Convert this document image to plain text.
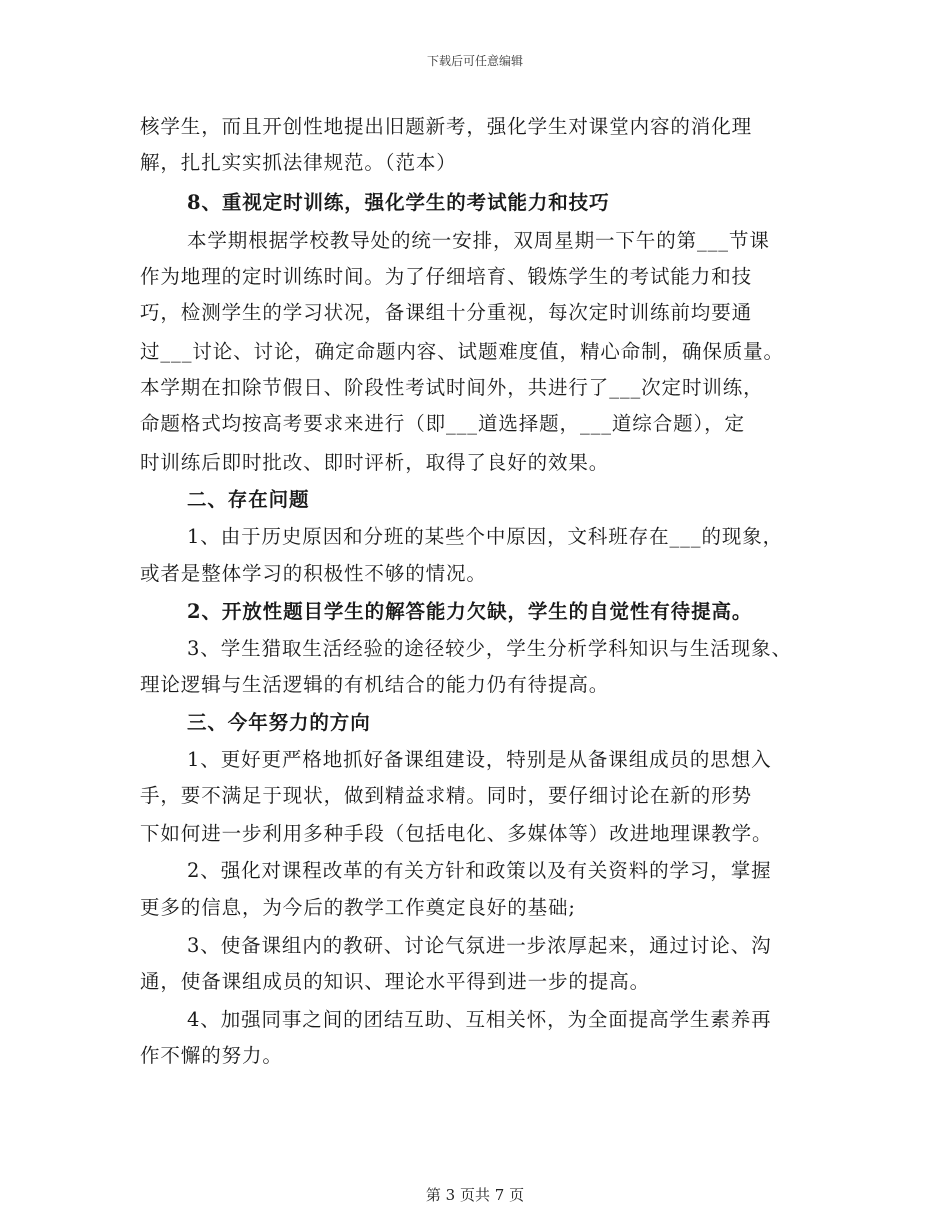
下载后可任意编辑
核学生，而且开创性地提出旧题新考，强化学生对课堂内容的消化理
解，扎扎实实抓法律规范。（范本）
8、重视定时训练，强化学生的考试能力和技巧
本学期根据学校教导处的统一安排，双周星期一下午的第___节课
作为地理的定时训练时间。为了仔细培育、锻炼学生的考试能力和技
巧，检测学生的学习状况，备课组十分重视，每次定时训练前均要通
过___讨论、讨论，确定命题内容、试题难度值，精心命制，确保质量。
本学期在扣除节假日、阶段性考试时间外，共进行了___次定时训练，
命题格式均按高考要求来进行（即___道选择题，___道综合题），定
时训练后即时批改、即时评析，取得了良好的效果。
二、存在问题
1、由于历史原因和分班的某些个中原因，文科班存在___的现象，
或者是整体学习的积极性不够的情况。
2、开放性题目学生的解答能力欠缺，学生的自觉性有待提高。
3、学生猎取生活经验的途径较少，学生分析学科知识与生活现象、
理论逻辑与生活逻辑的有机结合的能力仍有待提高。
三、今年努力的方向
1、更好更严格地抓好备课组建设，特别是从备课组成员的思想入
手，要不满足于现状，做到精益求精。同时，要仔细讨论在新的形势
下如何进一步利用多种手段（包括电化、多媒体等）改进地理课教学。
2、强化对课程改革的有关方针和政策以及有关资料的学习，掌握
更多的信息，为今后的教学工作奠定良好的基础;
3、使备课组内的教研、讨论气氛进一步浓厚起来，通过讨论、沟
通，使备课组成员的知识、理论水平得到进一步的提高。
4、加强同事之间的团结互助、互相关怀，为全面提高学生素养再
作不懈的努力。
第 3 页共 7 页
